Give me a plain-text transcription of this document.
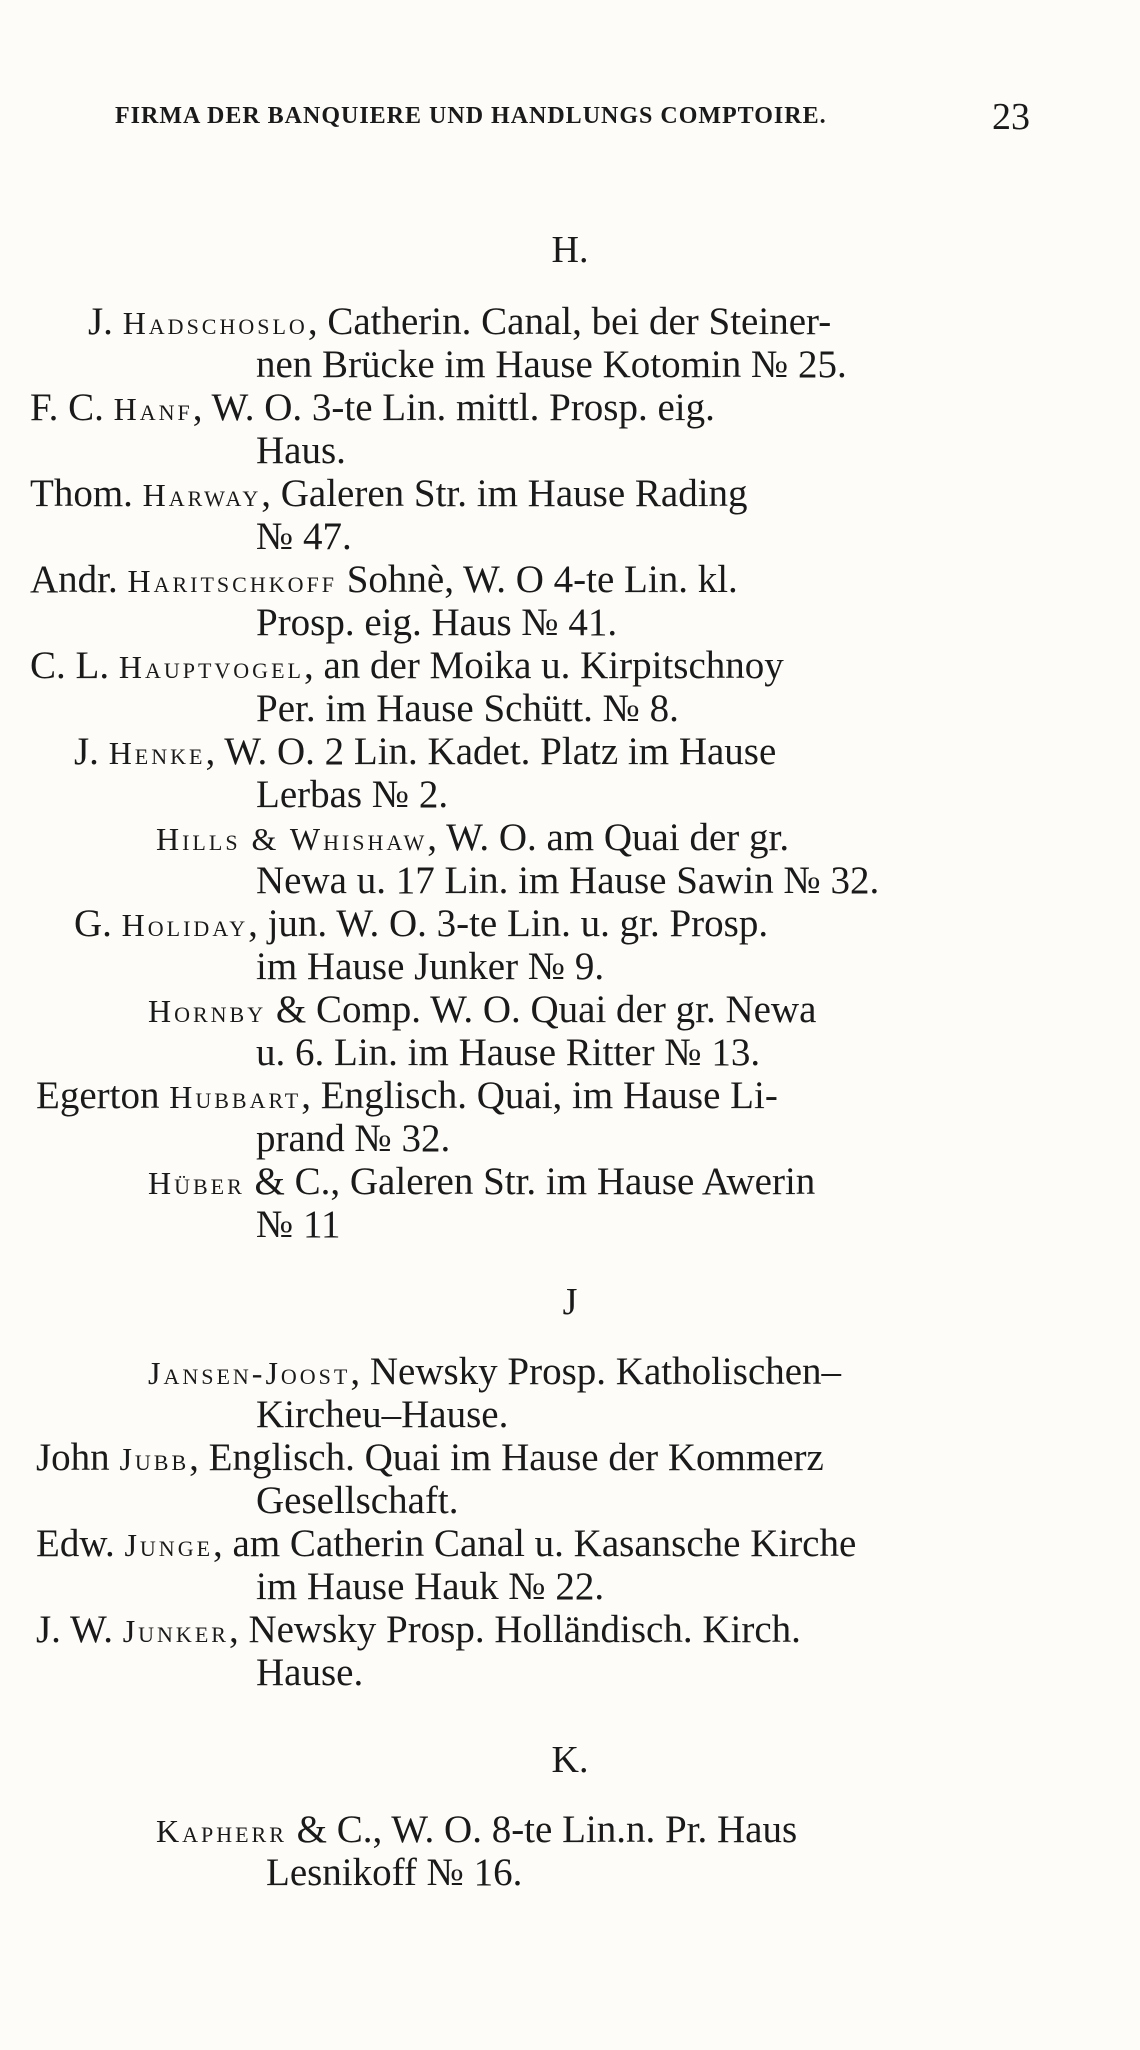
FIRMA DER BANQUIERE UND HANDLUNGS COMPTOIRE.	23
H.
J. Hadschoslo, Catherin. Canal, bei der Steiner-
nen Brücke im Hause Kotomin № 25.
F. C. Hanf, W. O. 3-te Lin. mittl. Prosp. eig.
Haus.
Thom. Harway, Galeren Str. im Hause Rading
№ 47.
Andr. Haritschkoff Sohnè, W. O 4-te Lin. kl.
Prosp. eig. Haus № 41.
C. L. Hauptvogel, an der Moika u. Kirpitschnoy
Per. im Hause Schütt. № 8.
J. Henke, W. O. 2 Lin. Kadet. Platz im Hause
Lerbas № 2.
Hills & Whishaw, W. O. am Quai der gr.
Newa u. 17 Lin. im Hause Sawin № 32.
G. Holiday, jun. W. O. 3-te Lin. u. gr. Prosp.
im Hause Junker № 9.
Hornby & Comp. W. O. Quai der gr. Newa
u. 6. Lin. im Hause Ritter № 13.
Egerton Hubbart, Englisch. Quai, im Hause Li-
prand № 32.
Hüber & C., Galeren Str. im Hause Awerin
№ 11
J
Jansen-Joost, Newsky Prosp. Katholischen–
Kircheu–Hause.
John Jubb, Englisch. Quai im Hause der Kommerz
Gesellschaft.
Edw. Junge, am Catherin Canal u. Kasansche Kirche
im Hause Hauk № 22.
J. W. Junker, Newsky Prosp. Holländisch. Kirch.
Hause.
K.
Kapherr & C., W. O. 8-te Lin.n. Pr. Haus
Lesnikoff № 16.
